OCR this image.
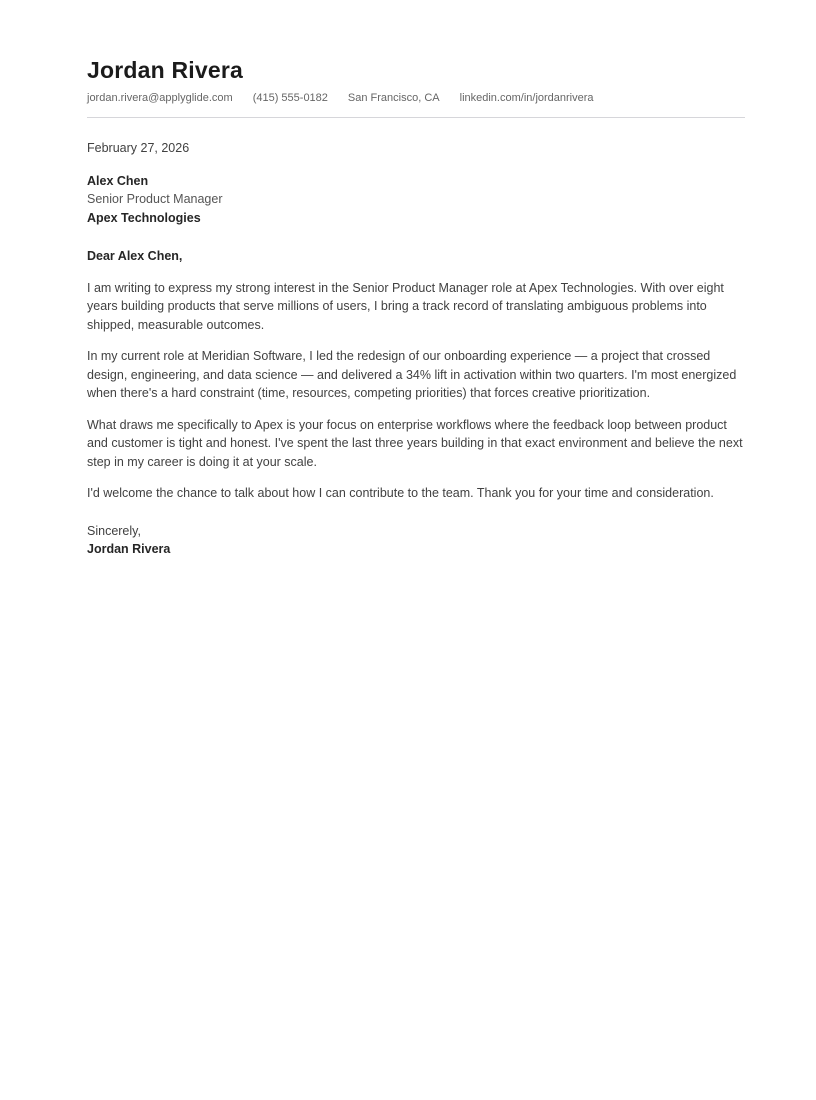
Jordan Rivera
jordan.rivera@applyglide.com (415) 555-0182 San Francisco, CA linkedin.com/in/jordanrivera

February 27, 2026

Alex Chen
Senior Product Manager
Apex Technologies

Dear Alex Chen,

I am writing to express my strong interest in the Senior Product Manager role at Apex Technologies. With over eight years building products that serve millions of users, I bring a track record of translating ambiguous problems into shipped, measurable outcomes.

In my current role at Meridian Software, I led the redesign of our onboarding experience — a project that crossed design, engineering, and data science — and delivered a 34% lift in activation within two quarters. I'm most energized when there's a hard constraint (time, resources, competing priorities) that forces creative prioritization.

What draws me specifically to Apex is your focus on enterprise workflows where the feedback loop between product and customer is tight and honest. I've spent the last three years building in that exact environment and believe the next step in my career is doing it at your scale.

I'd welcome the chance to talk about how I can contribute to the team. Thank you for your time and consideration.

Sincerely,

Jordan Rivera
